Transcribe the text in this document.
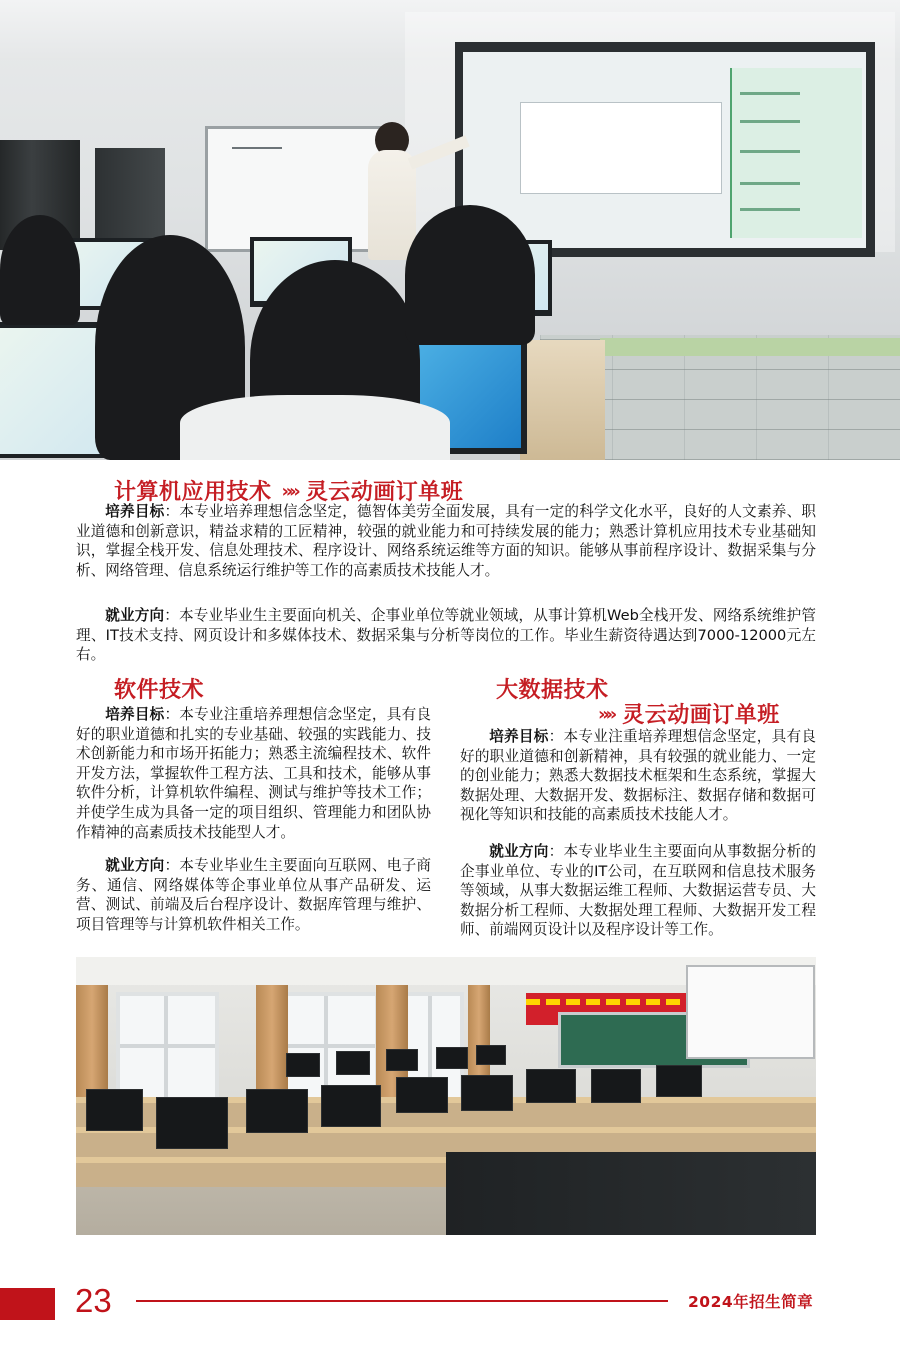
计算机应用技术 »» 灵云动画订单班

培养目标：本专业培养理想信念坚定，德智体美劳全面发展，具有一定的科学文化水平，良好的人文素养、职业道德和创新意识，精益求精的工匠精神，较强的就业能力和可持续发展的能力；熟悉计算机应用技术专业基础知识，掌握全栈开发、信息处理技术、程序设计、网络系统运维等方面的知识。能够从事前程序设计、数据采集与分析、网络管理、信息系统运行维护等工作的高素质技术技能人才。

就业方向：本专业毕业生主要面向机关、企事业单位等就业领域，从事计算机Web全栈开发、网络系统维护管理、IT技术支持、网页设计和多媒体技术、数据采集与分析等岗位的工作。毕业生薪资待遇达到7000-12000元左右。

软件技术

培养目标：本专业注重培养理想信念坚定，具有良好的职业道德和扎实的专业基础、较强的实践能力、技术创新能力和市场开拓能力；熟悉主流编程技术、软件开发方法，掌握软件工程方法、工具和技术，能够从事软件分析，计算机软件编程、测试与维护等技术工作；并使学生成为具备一定的项目组织、管理能力和团队协作精神的高素质技术技能型人才。

就业方向：本专业毕业生主要面向互联网、电子商务、通信、网络媒体等企事业单位从事产品研发、运营、测试、前端及后台程序设计、数据库管理与维护、项目管理等与计算机软件相关工作。

大数据技术
»» 灵云动画订单班

培养目标：本专业注重培养理想信念坚定，具有良好的职业道德和创新精神，具有较强的就业能力、一定的创业能力；熟悉大数据技术框架和生态系统，掌握大数据处理、大数据开发、数据标注、数据存储和数据可视化等知识和技能的高素质技术技能人才。

就业方向：本专业毕业生主要面向从事数据分析的企事业单位、专业的IT公司，在互联网和信息技术服务等领域，从事大数据运维工程师、大数据运营专员、大数据分析工程师、大数据处理工程师、大数据开发工程师、前端网页设计以及程序设计等工作。

23	2024年招生简章
